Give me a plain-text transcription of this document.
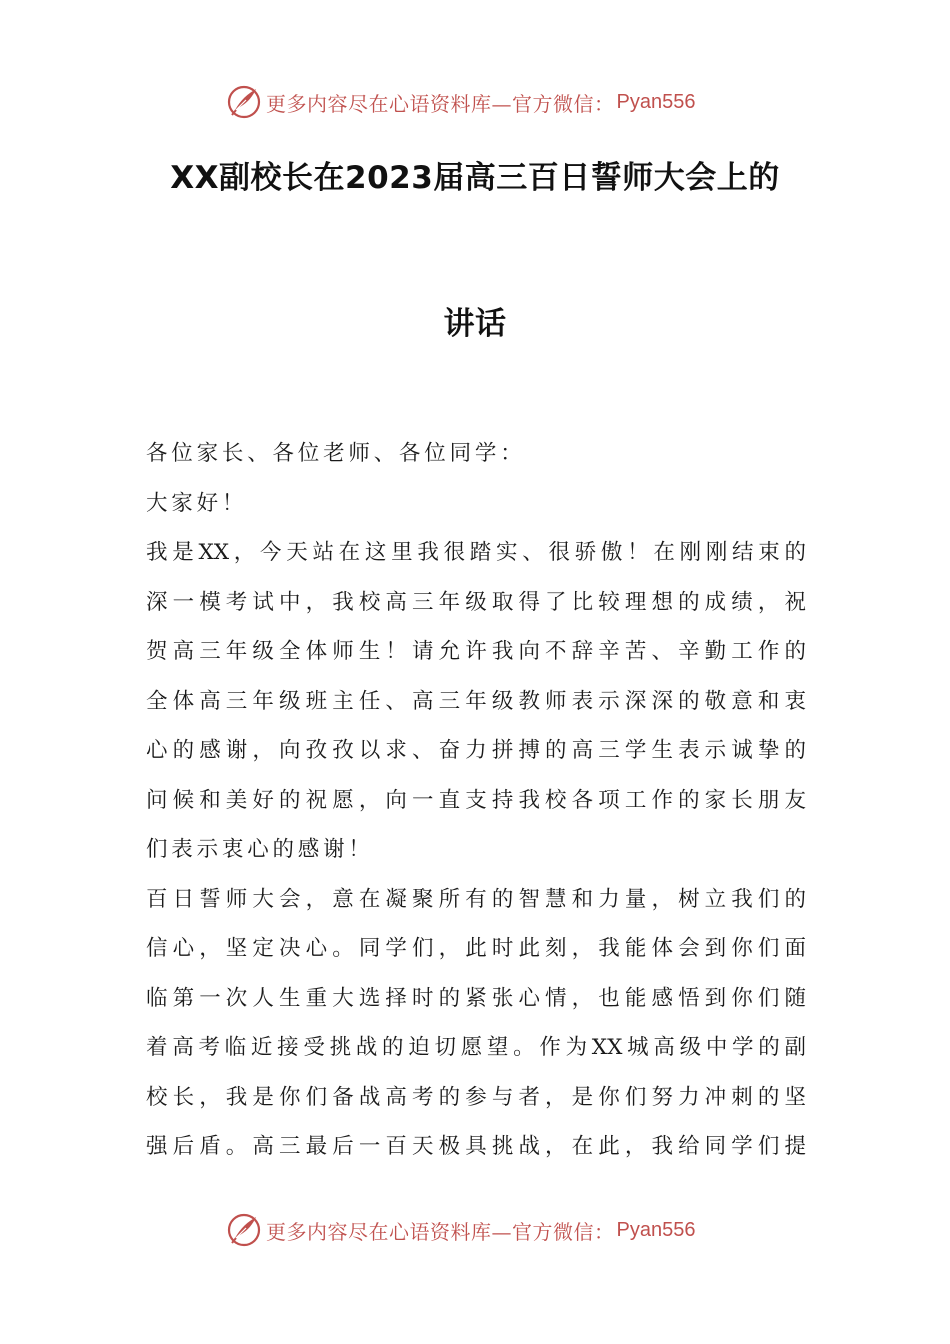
更多内容尽在心语资料库—官方微信： Pyan556
XX副校长在2023届高三百日誓师大会上的
讲话
各位家长、各位老师、各位同学：
大家好！
我是XX，今天站在这里我很踏实、很骄傲！在刚刚结束的
深一模考试中，我校高三年级取得了比较理想的成绩，祝
贺高三年级全体师生！请允许我向不辞辛苦、辛勤工作的
全体高三年级班主任、高三年级教师表示深深的敬意和衷
心的感谢，向孜孜以求、奋力拼搏的高三学生表示诚挚的
问候和美好的祝愿，向一直支持我校各项工作的家长朋友
们表示衷心的感谢！
百日誓师大会，意在凝聚所有的智慧和力量，树立我们的
信心，坚定决心。同学们，此时此刻，我能体会到你们面
临第一次人生重大选择时的紧张心情，也能感悟到你们随
着高考临近接受挑战的迫切愿望。作为XX城高级中学的副
校长，我是你们备战高考的参与者，是你们努力冲刺的坚
强后盾。高三最后一百天极具挑战，在此，我给同学们提
更多内容尽在心语资料库—官方微信： Pyan556
